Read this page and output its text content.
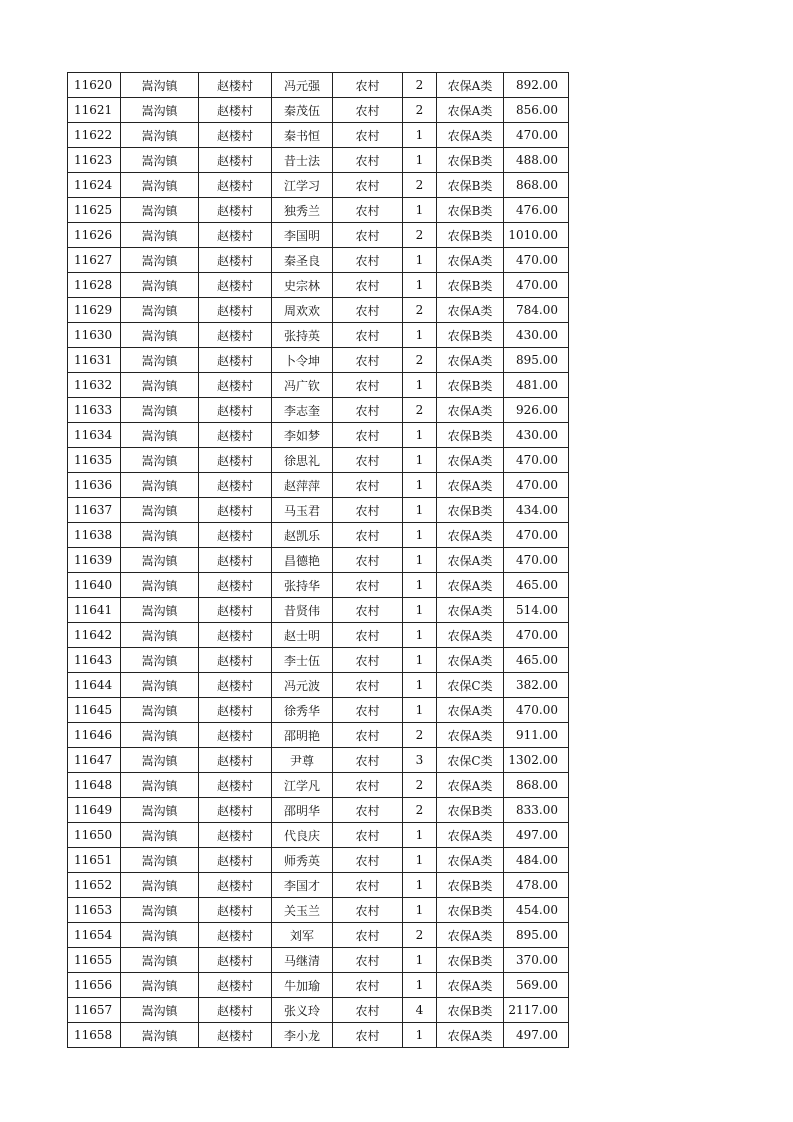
11620	嵩沟镇	赵楼村	冯元强	农村	2	农保A类	892.00
11621	嵩沟镇	赵楼村	秦茂伍	农村	2	农保A类	856.00
11622	嵩沟镇	赵楼村	秦书恒	农村	1	农保A类	470.00
11623	嵩沟镇	赵楼村	昔士法	农村	1	农保B类	488.00
11624	嵩沟镇	赵楼村	江学习	农村	2	农保B类	868.00
11625	嵩沟镇	赵楼村	独秀兰	农村	1	农保B类	476.00
11626	嵩沟镇	赵楼村	李国明	农村	2	农保B类	1010.00
11627	嵩沟镇	赵楼村	秦圣良	农村	1	农保A类	470.00
11628	嵩沟镇	赵楼村	史宗林	农村	1	农保B类	470.00
11629	嵩沟镇	赵楼村	周欢欢	农村	2	农保A类	784.00
11630	嵩沟镇	赵楼村	张持英	农村	1	农保B类	430.00
11631	嵩沟镇	赵楼村	卜令坤	农村	2	农保A类	895.00
11632	嵩沟镇	赵楼村	冯广钦	农村	1	农保B类	481.00
11633	嵩沟镇	赵楼村	李志奎	农村	2	农保A类	926.00
11634	嵩沟镇	赵楼村	李如梦	农村	1	农保B类	430.00
11635	嵩沟镇	赵楼村	徐思礼	农村	1	农保A类	470.00
11636	嵩沟镇	赵楼村	赵萍萍	农村	1	农保A类	470.00
11637	嵩沟镇	赵楼村	马玉君	农村	1	农保B类	434.00
11638	嵩沟镇	赵楼村	赵凯乐	农村	1	农保A类	470.00
11639	嵩沟镇	赵楼村	昌德艳	农村	1	农保A类	470.00
11640	嵩沟镇	赵楼村	张持华	农村	1	农保A类	465.00
11641	嵩沟镇	赵楼村	昔贤伟	农村	1	农保A类	514.00
11642	嵩沟镇	赵楼村	赵士明	农村	1	农保A类	470.00
11643	嵩沟镇	赵楼村	李士伍	农村	1	农保A类	465.00
11644	嵩沟镇	赵楼村	冯元波	农村	1	农保C类	382.00
11645	嵩沟镇	赵楼村	徐秀华	农村	1	农保A类	470.00
11646	嵩沟镇	赵楼村	邵明艳	农村	2	农保A类	911.00
11647	嵩沟镇	赵楼村	尹尊	农村	3	农保C类	1302.00
11648	嵩沟镇	赵楼村	江学凡	农村	2	农保A类	868.00
11649	嵩沟镇	赵楼村	邵明华	农村	2	农保B类	833.00
11650	嵩沟镇	赵楼村	代良庆	农村	1	农保A类	497.00
11651	嵩沟镇	赵楼村	师秀英	农村	1	农保A类	484.00
11652	嵩沟镇	赵楼村	李国才	农村	1	农保B类	478.00
11653	嵩沟镇	赵楼村	关玉兰	农村	1	农保B类	454.00
11654	嵩沟镇	赵楼村	刘军	农村	2	农保A类	895.00
11655	嵩沟镇	赵楼村	马继清	农村	1	农保B类	370.00
11656	嵩沟镇	赵楼村	牛加瑜	农村	1	农保A类	569.00
11657	嵩沟镇	赵楼村	张义玲	农村	4	农保B类	2117.00
11658	嵩沟镇	赵楼村	李小龙	农村	1	农保A类	497.00
